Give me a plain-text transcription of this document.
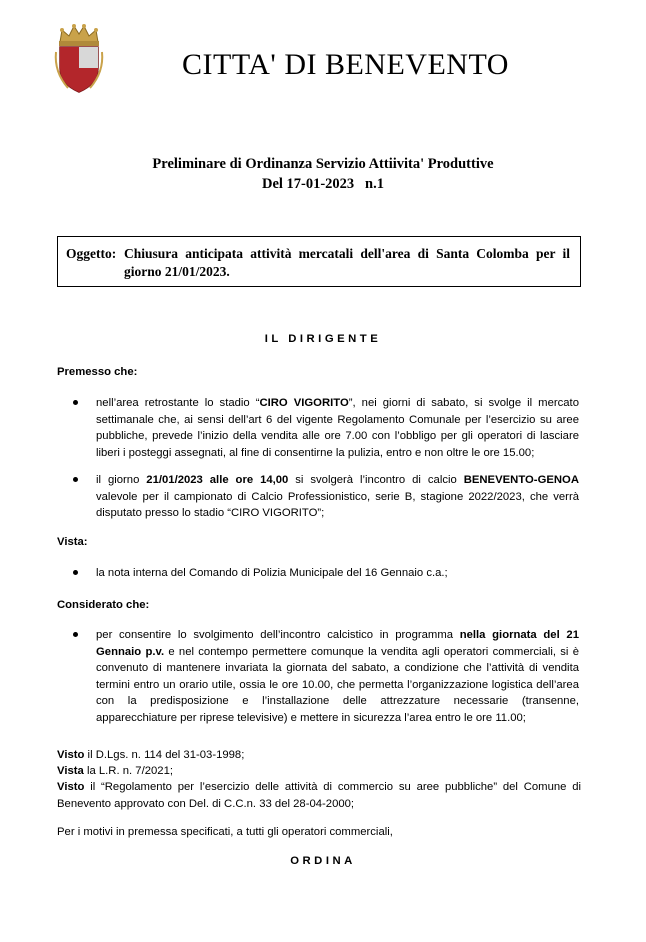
CITTA' DI BENEVENTO
Preliminare di Ordinanza Servizio Attiivita' Produttive
Del 17-01-2023   n.1
Oggetto: Chiusura anticipata attività mercatali dell'area di Santa Colomba per il giorno 21/01/2023.
IL DIRIGENTE
Premesso che:
nell’area retrostante lo stadio “CIRO VIGORITO”, nei giorni di sabato, si svolge il mercato settimanale che, ai sensi dell’art 6 del vigente Regolamento Comunale per l’esercizio su aree pubbliche, prevede l’inizio della vendita alle ore 7.00 con l’obbligo per gli operatori di lasciare liberi i posteggi assegnati, al fine di consentirne la pulizia, entro e non oltre le ore 15.00;
il giorno 21/01/2023 alle ore 14,00 si svolgerà l’incontro di calcio BENEVENTO-GENOA valevole per il campionato di Calcio Professionistico, serie B, stagione 2022/2023, che verrà disputato presso lo stadio “CIRO VIGORITO”;
Vista:
la nota interna del Comando di Polizia Municipale del 16 Gennaio c.a.;
Considerato che:
per consentire lo svolgimento dell’incontro calcistico in programma nella giornata del 21 Gennaio p.v. e nel contempo permettere comunque la vendita agli operatori commerciali, si è convenuto di mantenere invariata la giornata del sabato, a condizione che l’attività di vendita termini entro un orario utile, ossia le ore 10.00, che permetta l’organizzazione logistica dell’area con la predisposizione e l’installazione delle attrezzature necessarie (transenne, apparecchiature per riprese televisive) e mettere in sicurezza l’area entro le ore 11.00;
Visto il D.Lgs. n. 114 del 31-03-1998;
Vista la L.R. n. 7/2021;
Visto il “Regolamento per l’esercizio delle attività di commercio su aree pubbliche” del Comune di Benevento approvato con Del. di C.C.n. 33 del 28-04-2000;
Per i motivi in premessa specificati, a tutti gli operatori commerciali,
ORDINA
